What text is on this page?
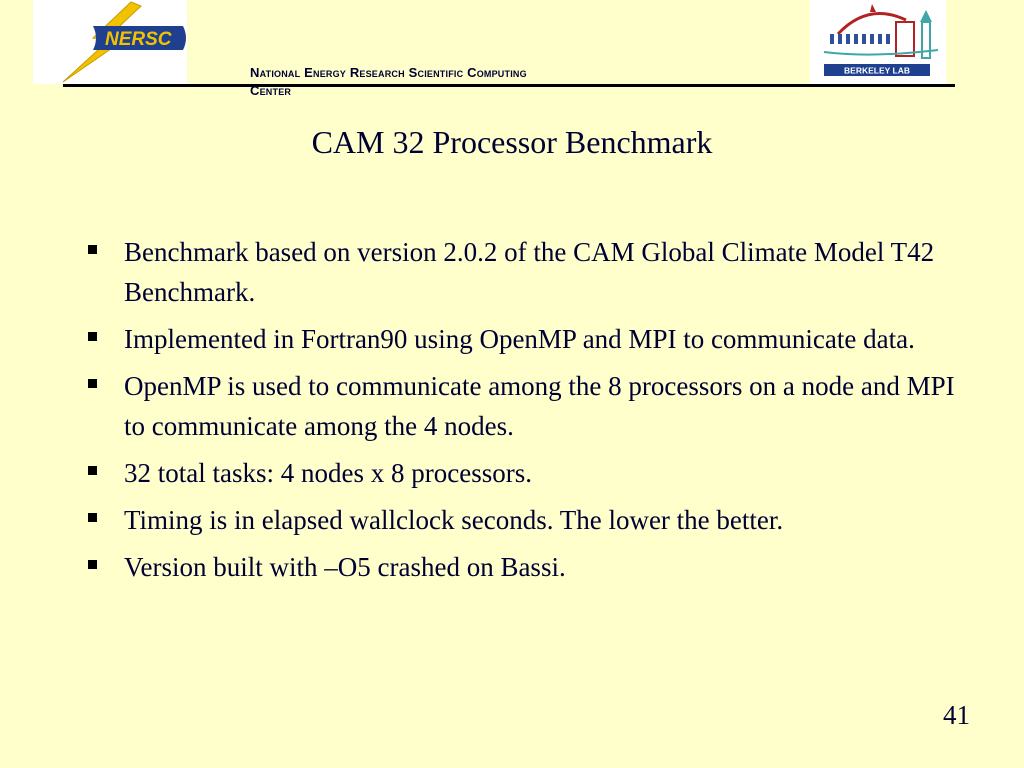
NERSC
BERKELEY LAB
National Energy Research Scientific Computing
Center
CAM 32 Processor Benchmark
Benchmark based on version 2.0.2 of the CAM Global Climate Model T42 Benchmark.
Implemented in Fortran90 using OpenMP and MPI to communicate data.
OpenMP is used to communicate among the 8 processors on a node and MPI to communicate among the 4 nodes.
32 total tasks: 4 nodes x 8 processors.
Timing is in elapsed wallclock seconds. The lower the better.
Version built with –O5 crashed on Bassi.
41
